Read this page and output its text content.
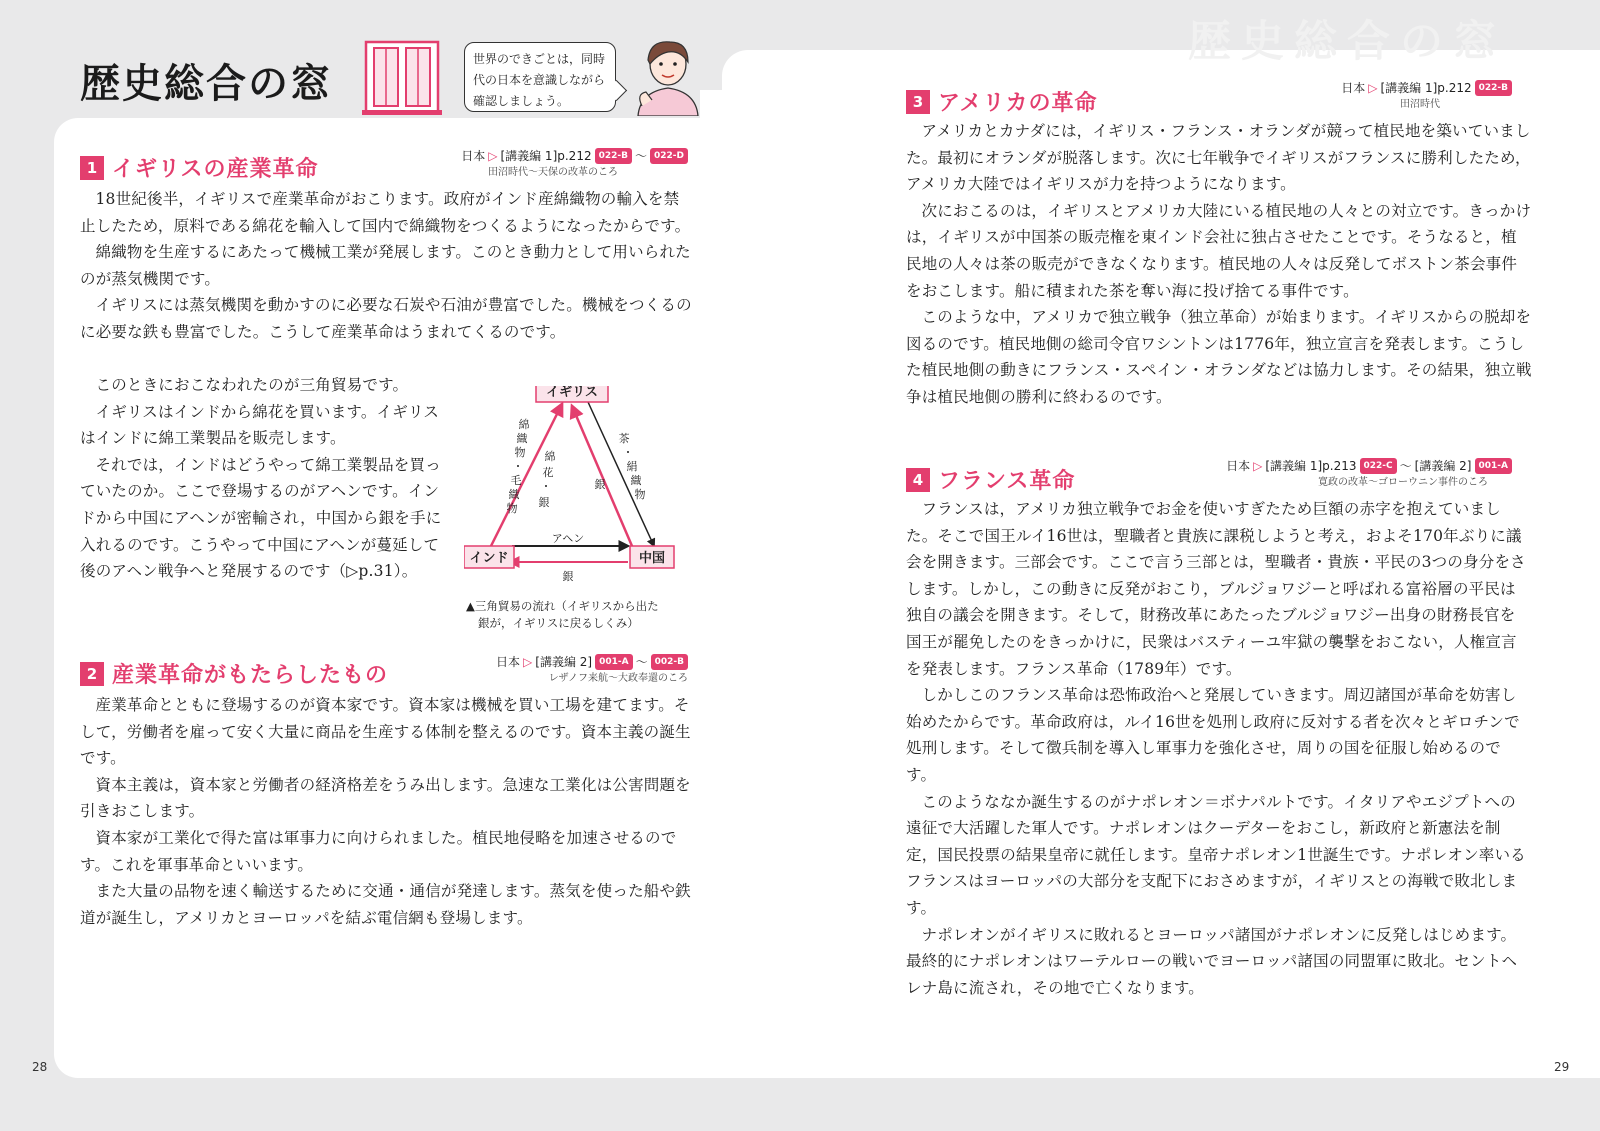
歴史総合の窓
歴史総合の窓
世界のできごとは，同時代の日本を意識しながら確認しましょう。
1 イギリスの産業革命
日本 ▷ [講義編 1]p.212 022-B ～ 022-D
田沼時代～天保の改革のころ

18世紀後半，イギリスで産業革命がおこります。政府がインド産綿織物の輸入を禁止したため，原料である綿花を輸入して国内で綿織物をつくるようになったからです。

綿織物を生産するにあたって機械工業が発展します。このとき動力として用いられたのが蒸気機関です。

イギリスには蒸気機関を動かすのに必要な石炭や石油が豊富でした。機械をつくるのに必要な鉄も豊富でした。こうして産業革命はうまれてくるのです。

このときにおこなわれたのが三角貿易です。

イギリスはインドから綿花を買います。イギリスはインドに綿工業製品を販売します。

それでは，インドはどうやって綿工業製品を買っていたのか。ここで登場するのがアヘンです。インドから中国にアヘンが密輸され，中国から銀を手に入れるのです。こうやって中国にアヘンが蔓延して後のアヘン戦争へと発展するのです（▷p.31）。

イギリス
インド	中国
綿
織
物
・
毛
織
物
綿
花
・
銀
茶
・
絹
織
物
銀
アヘン
銀
▲三角貿易の流れ（イギリスから出た
銀が，イギリスに戻るしくみ）
2 産業革命がもたらしたもの
日本 ▷ [講義編 2] 001-A ～ 002-B
レザノフ来航～大政奉還のころ

産業革命とともに登場するのが資本家です。資本家は機械を買い工場を建てます。そして，労働者を雇って安く大量に商品を生産する体制を整えるのです。資本主義の誕生です。

資本主義は，資本家と労働者の経済格差をうみ出します。急速な工業化は公害問題を引きおこします。

資本家が工業化で得た富は軍事力に向けられました。植民地侵略を加速させるのです。これを軍事革命といいます。

また大量の品物を速く輸送するために交通・通信が発達します。蒸気を使った船や鉄道が誕生し，アメリカとヨーロッパを結ぶ電信網も登場します。

3 アメリカの革命
日本 ▷ [講義編 1]p.212 022-B
田沼時代

アメリカとカナダには，イギリス・フランス・オランダが競って植民地を築いていました。最初にオランダが脱落します。次に七年戦争でイギリスがフランスに勝利したため，アメリカ大陸ではイギリスが力を持つようになります。

次におこるのは，イギリスとアメリカ大陸にいる植民地の人々との対立です。きっかけは，イギリスが中国茶の販売権を東インド会社に独占させたことです。そうなると，植民地の人々は茶の販売ができなくなります。植民地の人々は反発してボストン茶会事件をおこします。船に積まれた茶を奪い海に投げ捨てる事件です。

このような中，アメリカで独立戦争（独立革命）が始まります。イギリスからの脱却を図るのです。植民地側の総司令官ワシントンは1776年，独立宣言を発表します。こうした植民地側の動きにフランス・スペイン・オランダなどは協力します。その結果，独立戦争は植民地側の勝利に終わるのです。

4 フランス革命
日本 ▷ [講義編 1]p.213 022-C ～ [講義編 2] 001-A
寛政の改革～ゴローウニン事件のころ

フランスは，アメリカ独立戦争でお金を使いすぎたため巨額の赤字を抱えていました。そこで国王ルイ16世は，聖職者と貴族に課税しようと考え，およそ170年ぶりに議会を開きます。三部会です。ここで言う三部とは，聖職者・貴族・平民の3つの身分をさします。しかし，この動きに反発がおこり，ブルジョワジーと呼ばれる富裕層の平民は独自の議会を開きます。そして，財務改革にあたったブルジョワジー出身の財務長官を国王が罷免したのをきっかけに，民衆はバスティーユ牢獄の襲撃をおこない，人権宣言を発表します。フランス革命（1789年）です。

しかしこのフランス革命は恐怖政治へと発展していきます。周辺諸国が革命を妨害し始めたからです。革命政府は，ルイ16世を処刑し政府に反対する者を次々とギロチンで処刑します。そして徴兵制を導入し軍事力を強化させ，周りの国を征服し始めるのです。

このようななか誕生するのがナポレオン＝ボナパルトです。イタリアやエジプトへの遠征で大活躍した軍人です。ナポレオンはクーデターをおこし，新政府と新憲法を制定，国民投票の結果皇帝に就任します。皇帝ナポレオン1世誕生です。ナポレオン率いるフランスはヨーロッパの大部分を支配下におさめますが，イギリスとの海戦で敗北します。

ナポレオンがイギリスに敗れるとヨーロッパ諸国がナポレオンに反発しはじめます。最終的にナポレオンはワーテルローの戦いでヨーロッパ諸国の同盟軍に敗北。セントヘレナ島に流され，その地で亡くなります。

28	29
